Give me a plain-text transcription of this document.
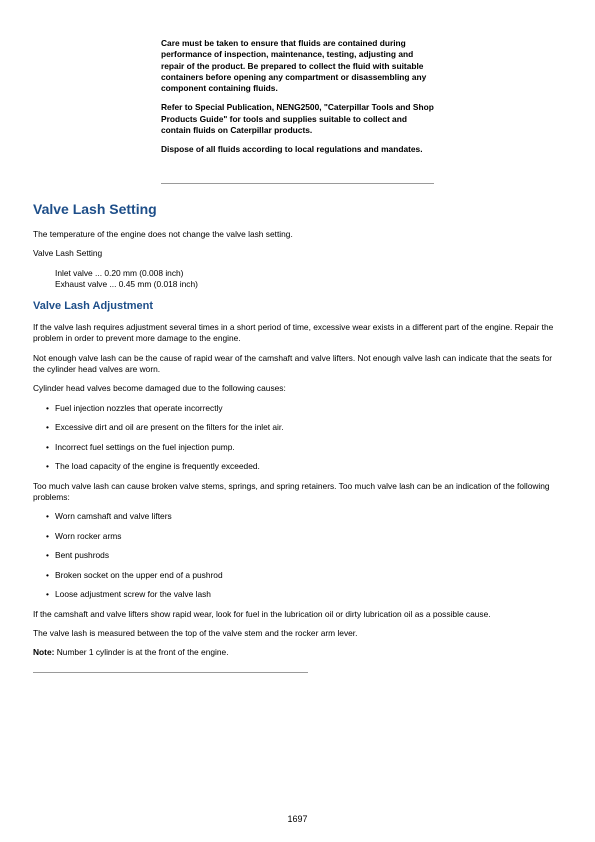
Care must be taken to ensure that fluids are contained during performance of inspection, maintenance, testing, adjusting and repair of the product. Be prepared to collect the fluid with suitable containers before opening any compartment or disassembling any component containing fluids.

Refer to Special Publication, NENG2500, "Caterpillar Tools and Shop Products Guide" for tools and supplies suitable to collect and contain fluids on Caterpillar products.

Dispose of all fluids according to local regulations and mandates.

Valve Lash Setting

The temperature of the engine does not change the valve lash setting.

Valve Lash Setting

Inlet valve ... 0.20 mm (0.008 inch)
Exhaust valve ... 0.45 mm (0.018 inch)
Valve Lash Adjustment

If the valve lash requires adjustment several times in a short period of time, excessive wear exists in a different part of the engine. Repair the problem in order to prevent more damage to the engine.

Not enough valve lash can be the cause of rapid wear of the camshaft and valve lifters. Not enough valve lash can indicate that the seats for the cylinder head valves are worn.

Cylinder head valves become damaged due to the following causes:

• Fuel injection nozzles that operate incorrectly
• Excessive dirt and oil are present on the filters for the inlet air.
• Incorrect fuel settings on the fuel injection pump.
• The load capacity of the engine is frequently exceeded.

Too much valve lash can cause broken valve stems, springs, and spring retainers. Too much valve lash can be an indication of the following problems:

• Worn camshaft and valve lifters
• Worn rocker arms
• Bent pushrods
• Broken socket on the upper end of a pushrod
• Loose adjustment screw for the valve lash

If the camshaft and valve lifters show rapid wear, look for fuel in the lubrication oil or dirty lubrication oil as a possible cause.

The valve lash is measured between the top of the valve stem and the rocker arm lever.

Note: Number 1 cylinder is at the front of the engine.

1697
